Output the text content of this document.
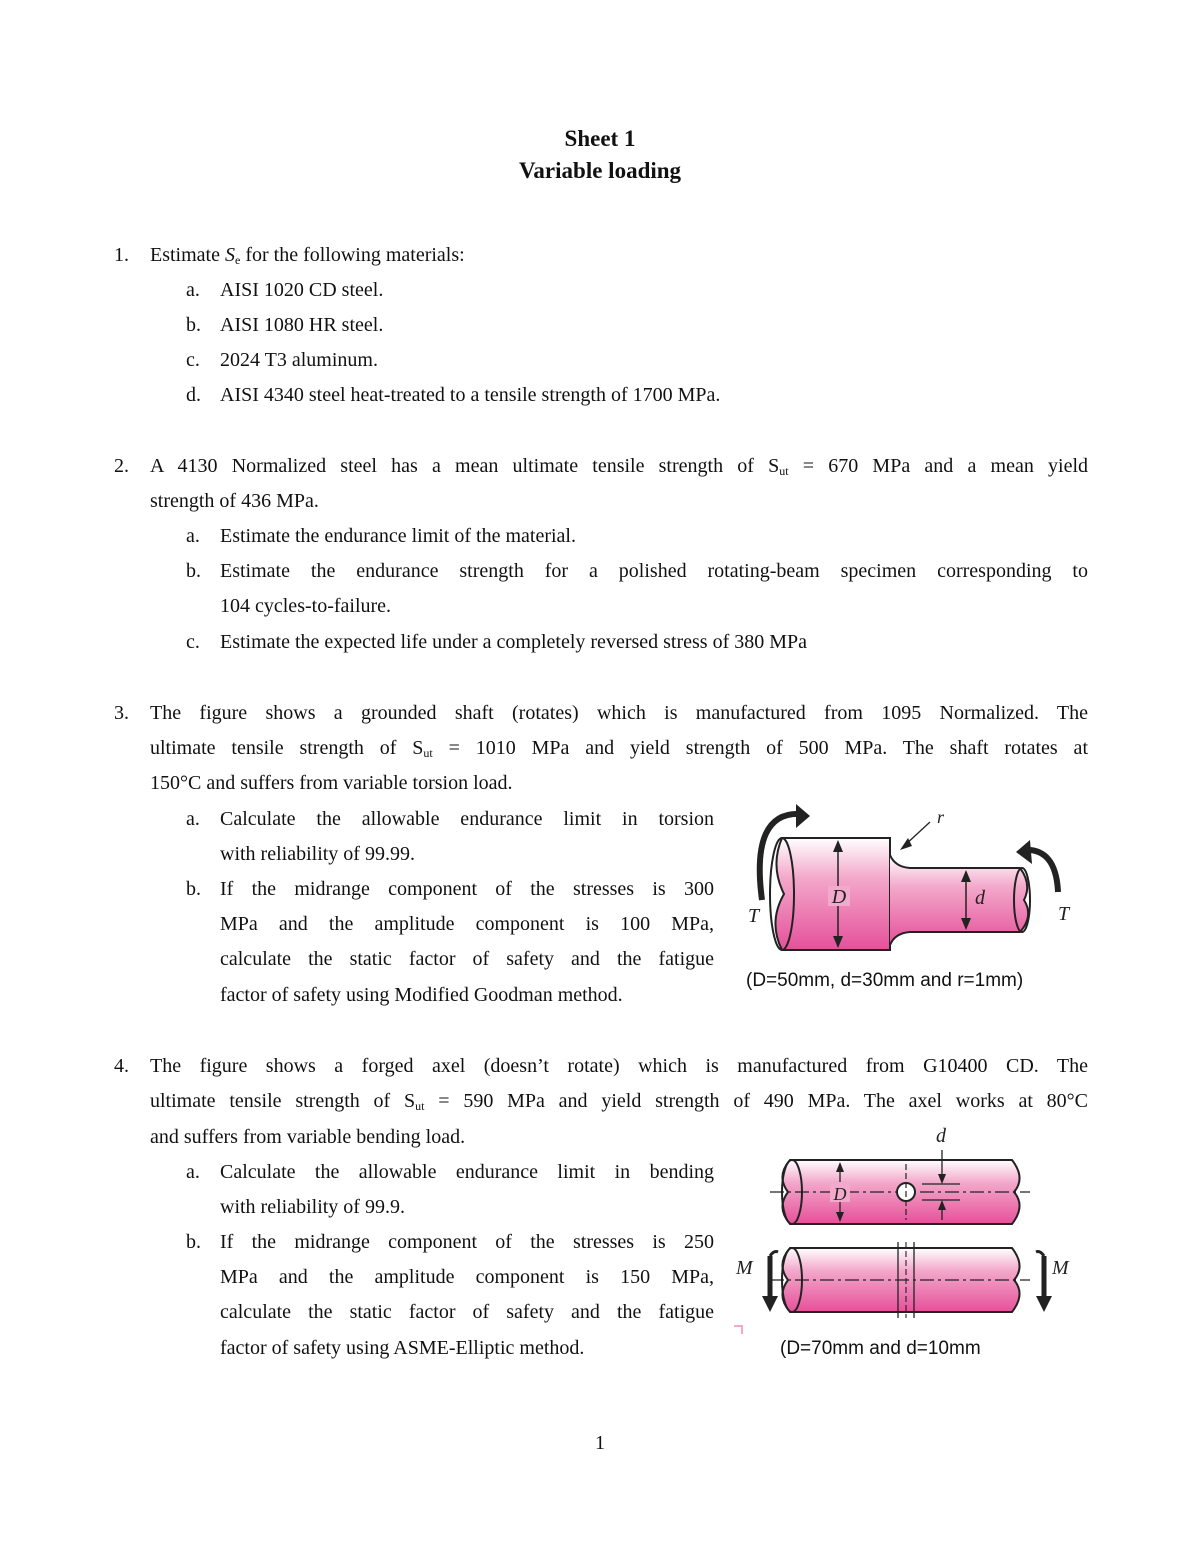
Sheet 1
Variable loading
1. Estimate $S_e$ for the following materials:
a. AISI 1020 CD steel.
b. AISI 1080 HR steel.
c. 2024 T3 aluminum.
d. AISI 4340 steel heat-treated to a tensile strength of 1700 MPa.
2. A 4130 Normalized steel has a mean ultimate tensile strength of $S_{ut} = 670$ MPa and a mean yield
strength of 436 MPa.
a. Estimate the endurance limit of the material.
b. Estimate the endurance strength for a polished rotating-beam specimen corresponding to
104 cycles-to-failure.
c. Estimate the expected life under a completely reversed stress of 380 MPa
3. The figure shows a grounded shaft (rotates) which is manufactured from 1095 Normalized. The
ultimate tensile strength of $S_{ut} = 1010$ MPa and yield strength of 500 MPa. The shaft rotates at
150°C and suffers from variable torsion load.
a. Calculate the allowable endurance limit in torsion
with reliability of 99.99.
b. If the midrange component of the stresses is 300
MPa and the amplitude component is 100 MPa,
calculate the static factor of safety and the fatigue
factor of safety using Modified Goodman method.
D	d
r
T	T
(D=50mm, d=30mm and r=1mm)
4. The figure shows a forged axel (doesn’t rotate) which is manufactured from G10400 CD. The
ultimate tensile strength of $S_{ut} = 590$ MPa and yield strength of 490 MPa. The axel works at 80°C
and suffers from variable bending load.
a. Calculate the allowable endurance limit in bending
with reliability of 99.9.
b. If the midrange component of the stresses is 250
MPa and the amplitude component is 150 MPa,
calculate the static factor of safety and the fatigue
factor of safety using ASME-Elliptic method.
d
D
M	M
(D=70mm and d=10mm
1
